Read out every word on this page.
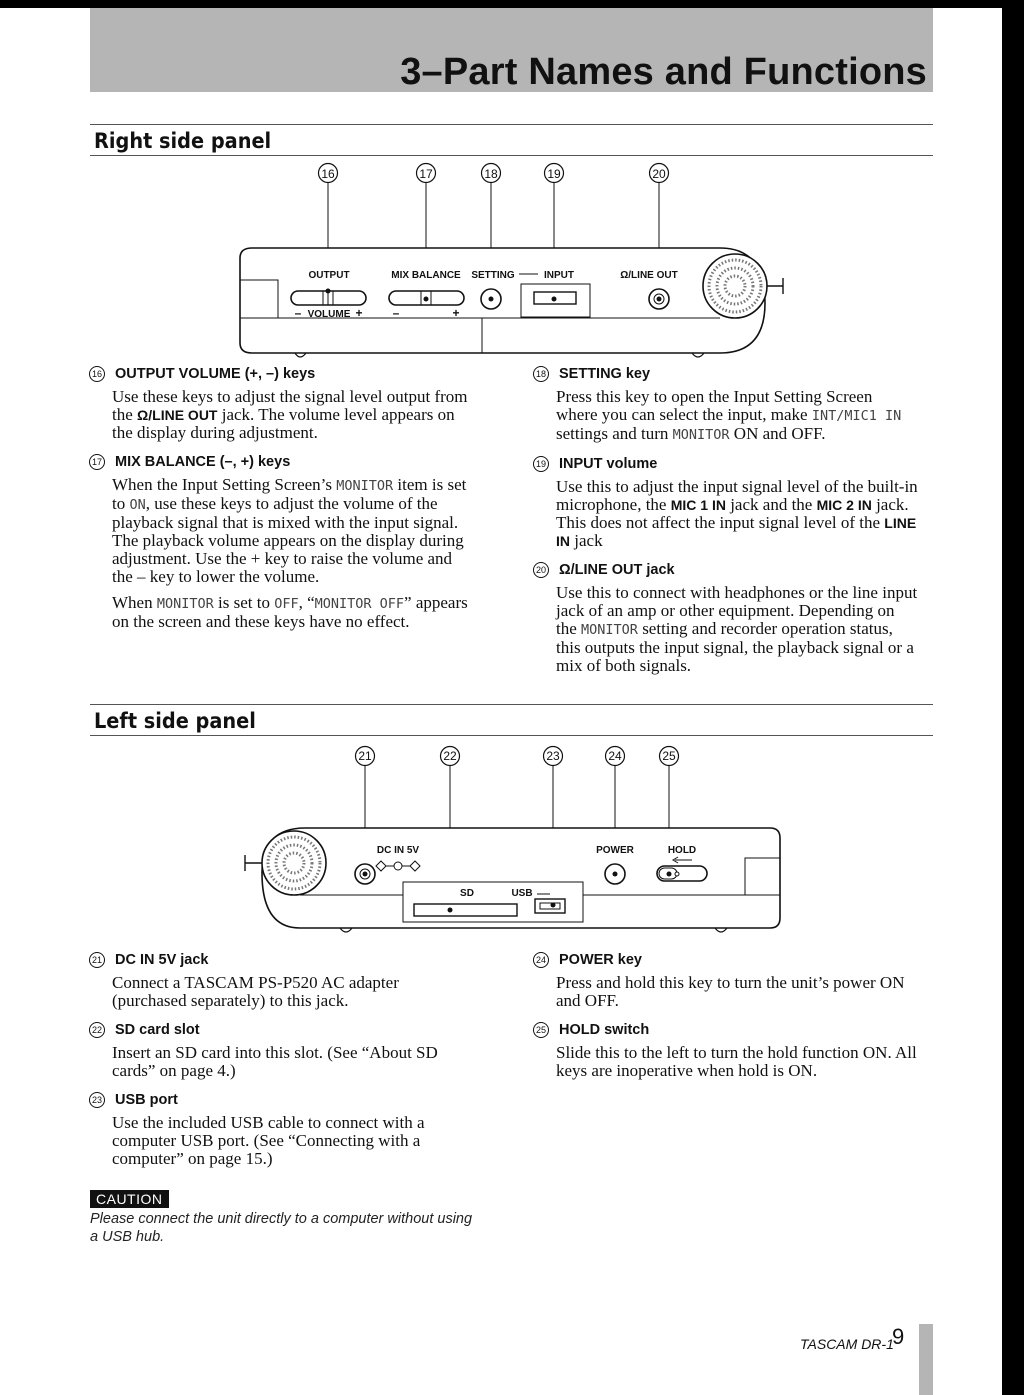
3–Part Names and Functions
Right side panel
16	17	18	19	20
OUTPUT	MIX BALANCE SETTING	INPUT	Ω/LINE OUT
VOLUME
–	+	–	+
16 OUTPUT VOLUME (+, –) keys
Use these keys to adjust the signal level output from the Ω/LINE OUT jack. The volume level appears on the display during adjustment.
17 MIX BALANCE (–, +) keys
When the Input Setting Screen’s MONITOR item is set to ON, use these keys to adjust the volume of the playback signal that is mixed with the input signal. The playback volume appears on the display during adjustment. Use the + key to raise the volume and the – key to lower the volume.
When MONITOR is set to OFF, “MONITOR OFF” appears on the screen and these keys have no effect.
18 SETTING key
Press this key to open the Input Setting Screen where you can select the input, make INT/MIC1 IN settings and turn MONITOR ON and OFF.
19 INPUT volume
Use this to adjust the input signal level of the built-in microphone, the MIC 1 IN jack and the MIC 2 IN jack. This does not affect the input signal level of the LINE IN jack
20 Ω/LINE OUT jack
Use this to connect with headphones or the line input jack of an amp or other equipment. Depending on the MONITOR setting and recorder operation status, this outputs the input signal, the playback signal or a mix of both signals.
Left side panel
21	22	23	24	25
DC IN 5V
SD	USB
POWER	HOLD
21 DC IN 5V jack
Connect a TASCAM PS-P520 AC adapter (purchased separately) to this jack.
22 SD card slot
Insert an SD card into this slot. (See “About SD cards” on page 4.)
23 USB port
Use the included USB cable to connect with a computer USB port. (See “Connecting with a computer” on page 15.)
24 POWER key
Press and hold this key to turn the unit’s power ON and OFF.
25 HOLD switch
Slide this to the left to turn the hold function ON. All keys are inoperative when hold is ON.
CAUTION
Please connect the unit directly to a computer without using a USB hub.
TASCAM DR-1
9
